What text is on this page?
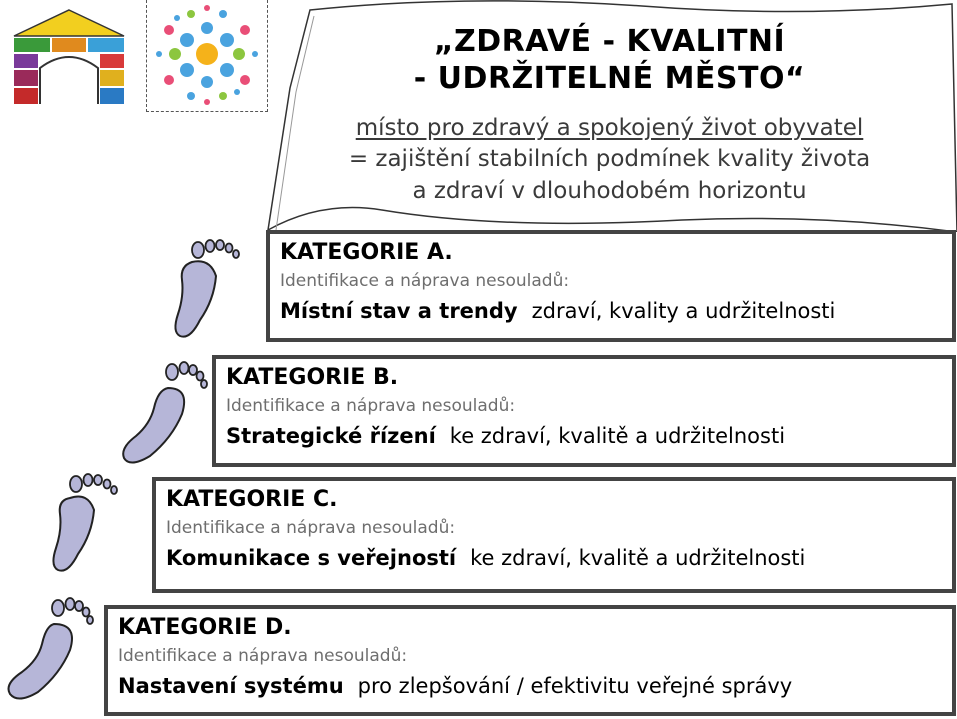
„ZDRAVÉ - KVALITNÍ
- UDRŽITELNÉ MĚSTO“
místo pro zdravý a spokojený život obyvatel
= zajištění stabilních podmínek kvality života
a zdraví v dlouhodobém horizontu
KATEGORIE A.
Identifikace a náprava nesouladů:
Místní stav a trendy zdraví, kvality a udržitelnosti
KATEGORIE B.
Identifikace a náprava nesouladů:
Strategické řízení ke zdraví, kvalitě a udržitelnosti
KATEGORIE C.
Identifikace a náprava nesouladů:
Komunikace s veřejností ke zdraví, kvalitě a udržitelnosti
KATEGORIE D.
Identifikace a náprava nesouladů:
Nastavení systému pro zlepšování / efektivitu veřejné správy
